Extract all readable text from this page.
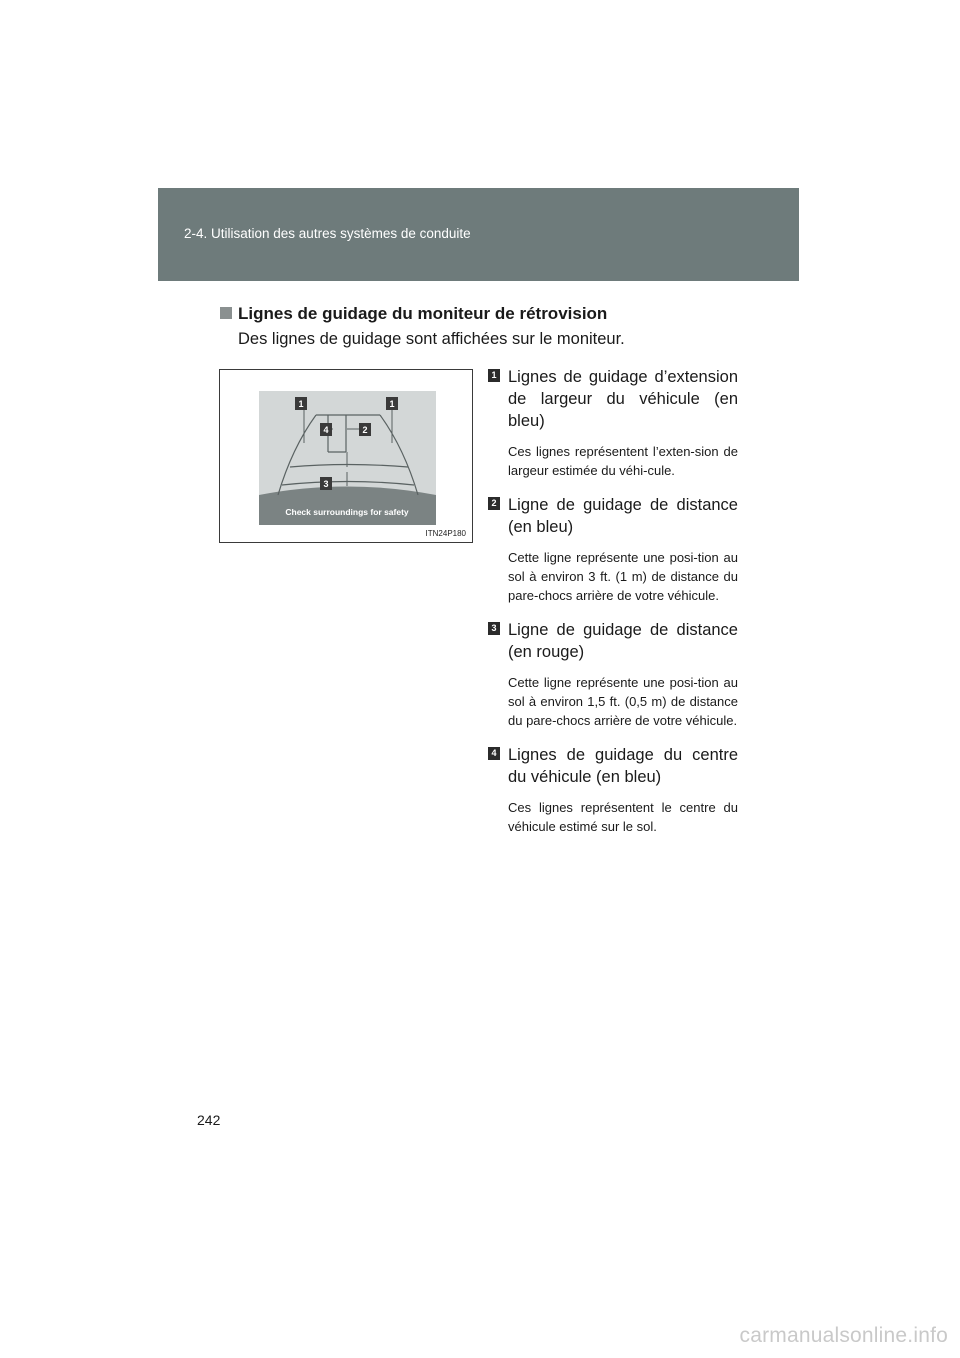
2-4. Utilisation des autres systèmes de conduite
Lignes de guidage du moniteur de rétrovision
Des lignes de guidage sont affichées sur le moniteur.
Check surroundings for safety
1	1
4	2
3
ITN24P180
1 Lignes de guidage d’extension de largeur du véhicule (en bleu)
Ces lignes représentent l’exten-sion de largeur estimée du véhi-cule.
2 Ligne de guidage de distance (en bleu)
Cette ligne représente une posi-tion au sol à environ 3 ft. (1 m) de distance du pare-chocs arrière de votre véhicule.
3 Ligne de guidage de distance (en rouge)
Cette ligne représente une posi-tion au sol à environ 1,5 ft. (0,5 m) de distance du pare-chocs arrière de votre véhicule.
4 Lignes de guidage du centre du véhicule (en bleu)
Ces lignes représentent le centre du véhicule estimé sur le sol.
242
carmanualsonline.info
